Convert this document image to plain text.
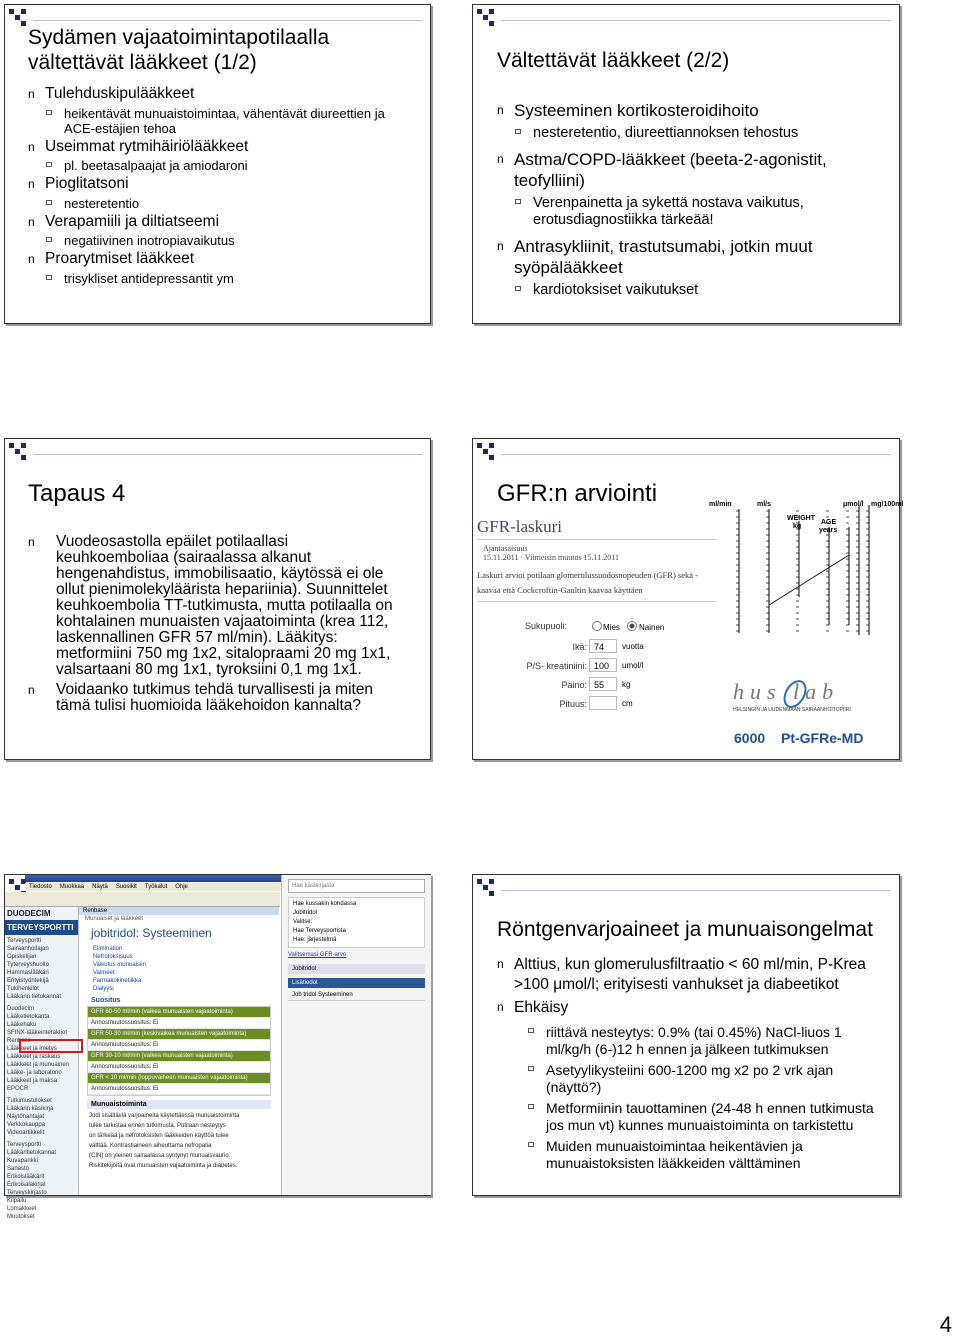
Sydämen vajaatoimintapotilaalla
vältettävät lääkkeet (1/2)
n Tulehduskipulääkkeet
heikentävät munuaistoimintaa, vähentävät diureettien ja ACE-estäjien tehoa
n Useimmat rytmihäiriölääkkeet
pl. beetasalpaajat ja amiodaroni
n Pioglitatsoni
nesteretentio
n Verapamiili ja diltiatseemi
negatiivinen inotropiavaikutus
n Proarytmiset lääkkeet
trisykliset antidepressantit ym
Vältettävät lääkkeet (2/2)
n Systeeminen kortikosteroidihoito
nesteretentio, diureettiannoksen tehostus
n Astma/COPD-lääkkeet (beeta-2-agonistit, teofylliini)
Verenpainetta ja sykettä nostava vaikutus, erotusdiagnostiikka tärkeää!
n Antrasykliinit, trastutsumabi, jotkin muut syöpälääkkeet
kardiotoksiset vaikutukset
Tapaus 4
n Vuodeosastolla epäilet potilaallasi keuhkoemboliaa (sairaalassa alkanut hengenahdistus, immobilisaatio, käytössä ei ole ollut pienimolekyläärista hepariinia). Suunnittelet keuhkoembolia TT-tutkimusta, mutta potilaalla on kohtalainen munuaisten vajaatoiminta (krea 112, laskennallinen GFR 57 ml/min). Lääkitys: metformiini 750 mg 1x2, sitalopraami 20 mg 1x1, valsartaani 80 mg 1x1, tyroksiini 0,1 mg 1x1.
n Voidaanko tutkimus tehdä turvallisesti ja miten tämä tulisi huomioida lääkehoidon kannalta?
GFR:n arviointi
GFR-laskuri
Ajantasaisuus
15.11.2011 · Viimeisin muutos 15.11.2011
Laskuri arvioi potilaan glomerulussuodosnopeuden (GFR) sekä -kaavaa että Cockcroftin-Gaultin kaavaa käyttäen
Sukupuoli:	Mies Nainen
Ikä: 74	vuotta
P/S- kreatiniini: 100	umol/l
Paino: 55	kg
Pituus:	cm
ml/min	ml/s
WEIGHT
kg
AGE
years
μmol/l mg/100ml
hus lab
HELSINGIN JA UUDENMAAN SAIRAANHOITOPIIRI
6000 Pt-GFRe-MD
Tiedosto Muokkaa Näytä Suosikit Työkalut Ohje
DUODECIM
TERVEYSPORTTI
Terveysportti
Sairaanhoitajan
Opiskelijan
Tyterveyshuolto
Hammaslääkäri
Erityistyöntekijä
Tukihenkilöt
Lääkärin tietokannat
Duodecim
Lääketietokanta
Lääkehaku
SFINX-lääkeinteraktiot
Renbase
Lääkkeet ja imetys
Lääkkeet ja raskaus
Lääkkeet ja munuainen
Lääke- ja laboratorio
Lääkkeet ja maksa
EPOCR
Tutkimustulokset
Lääkärin käsikirja
Näytönantajat
Verkkokauppa
Videoartikkelit
Terveysportti
Lääkäritietokannat
Kuvapankki
Sanasto
Erikoislääkärit
Erikoisalakirjat
Terveyskirjasto
Kilpailu
Lomakkeet
Muutokset
Renbase
Munuaiset ja lääkkeet
jobitridol: Systeeminen
Elimination
Nefrotoksisuus
Vaikutus munuaisiin
Vaimeet
Farmakokinetiikka
Dialyysi
Suositus
GFR 60-50 ml/min (vaikea munuaisten vajaatoiminta)
Annosmuutossuositus: Ei
GFR 50-30 ml/min (keskivaikea munuaisten vajaatoiminta)
Annosmuutossuositus: Ei
GFR 30-10 ml/min (vaikea munuaisten vajaatoiminta)
Annosmuutossuositus: Ei
GFR < 10 ml/min (loppuvaiheen munuaisten vajaatoiminta)
Annosmuutossuositus: Ei
Munuaistoiminta
Jodi sisältäviä varjoaineita käytettäessä munuaistoiminta
tulee tarkistaa ennen tutkimusta. Potilaan nesteytys
on tärkeää ja nefrotoksisten lääkkeiden käyttöä tulee
välttää. Kontrastiaineen aiheuttama nefropatia
(CIN) on yleinen sairaalassa syntynyt munuaisvaurio.
Riskitekijöitä ovat munuaisten vajaatoiminta ja diabetes.
Hae käsikirjasta
Hae kussakin kohdassa
Jobitridol
Valitse:
Hae Terveysportista
Hae: järjestelmä
Valitsemasi GFR-arvo
Jobitridol
Lisätiedot
Job tridol Systeeminen
Röntgenvarjoaineet ja munuaisongelmat
n Alttius, kun glomerulusfiltraatio < 60 ml/min, P-Krea >100 μmol/l; erityisesti vanhukset ja diabeetikot
n Ehkäisy
riittävä nesteytys: 0.9% (tai 0.45%) NaCl-liuos 1 ml/kg/h (6-)12 h ennen ja jälkeen tutkimuksen
Asetyylikysteiini 600-1200 mg x2 po 2 vrk ajan (näyttö?)
Metformiinin tauottaminen (24-48 h ennen tutkimusta jos mun vt) kunnes munuaistoiminta on tarkistettu
Muiden munuaistoimintaa heikentävien ja munuaistoksisten lääkkeiden välttäminen
4
